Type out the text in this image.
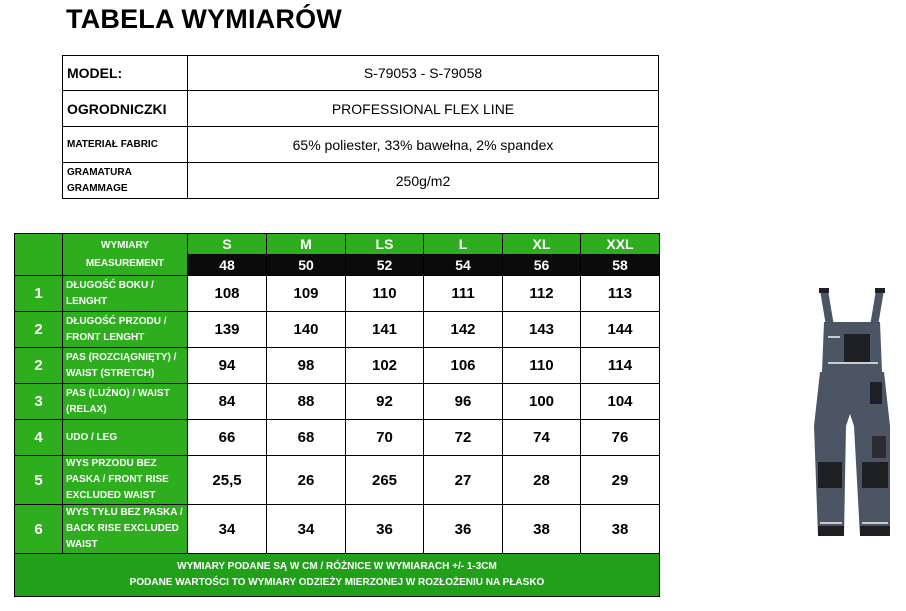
TABELA WYMIARÓW
MODEL:	S-79053 - S-79058
OGRODNICZKI	PROFESSIONAL FLEX LINE
MATERIAŁ FABRIC	65% poliester, 33% bawełna, 2% spandex

GRAMATURA
GRAMMAGE	250g/m2

	WYMIARY
MEASUREMENT	S	M	LS	L	XL	XXL
		48	50	52	54	56	58
1	DŁUGOŚĆ BOKU /
LENGHT	108	109	110	111	112	113
2	DŁUGOŚĆ PRZODU /
FRONT LENGHT	139	140	141	142	143	144
2	PAS (ROZCIĄGNIĘTY) /
WAIST (STRETCH)	94	98	102	106	110	114
3	PAS (LUŹNO) / WAIST
(RELAX)	84	88	92	96	100	104
4	UDO / LEG	66	68	70	72	74	76
5	WYS PRZODU BEZ
PASKA / FRONT RISE
EXCLUDED WAIST	25,5	26	265	27	28	29
6	WYS TYŁU BEZ PASKA /
BACK RISE EXCLUDED
WAIST	34	34	36	36	38	38

WYMIARY PODANE SĄ W CM / RÓŻNICE W WYMIARACH +/- 1-3CM
PODANE WARTOŚCI TO WYMIARY ODZIEŻY MIERZONEJ W ROZŁOŻENIU NA PŁASKO							
